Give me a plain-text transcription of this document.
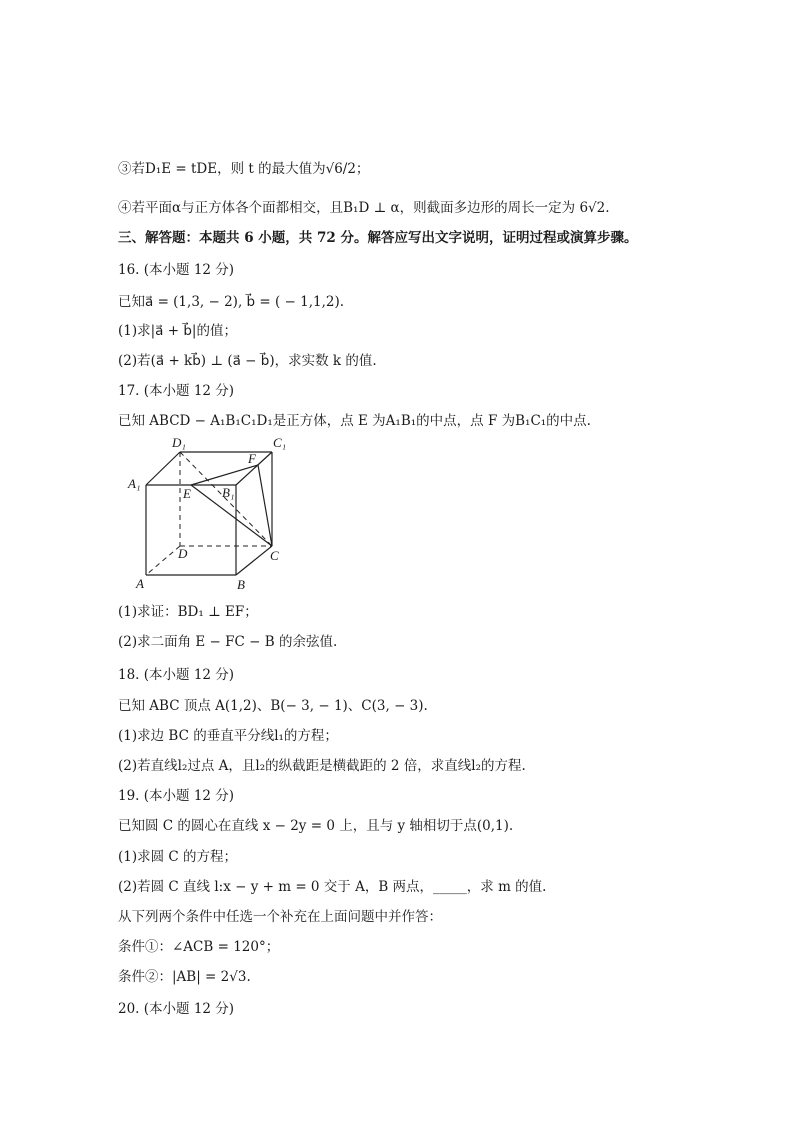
③若D₁E = tDE，则 t 的最大值为√6/2；
④若平面α与正方体各个面都相交，且B₁D ⊥ α，则截面多边形的周长一定为 6√2.
三、解答题：本题共 6 小题，共 72 分。解答应写出文字说明，证明过程或演算步骤。
16. (本小题 12 分)
已知a⃗ = (1,3, − 2), b⃗ = ( − 1,1,2).
(1)求|a⃗ + b⃗|的值；
(2)若(a⃗ + kb⃗) ⊥ (a⃗ − b⃗)，求实数 k 的值.
17. (本小题 12 分)
已知 ABCD − A₁B₁C₁D₁是正方体，点 E 为A₁B₁的中点，点 F 为B₁C₁的中点.
D₁	C₁
A₁
B₁
E
F
D	C
A	B
(1)求证：BD₁ ⊥ EF；
(2)求二面角 E − FC − B 的余弦值.
18. (本小题 12 分)
已知 ABC 顶点 A(1,2)、B(− 3, − 1)、C(3, − 3).
(1)求边 BC 的垂直平分线l₁的方程；
(2)若直线l₂过点 A，且l₂的纵截距是横截距的 2 倍，求直线l₂的方程.
19. (本小题 12 分)
已知圆 C 的圆心在直线 x − 2y = 0 上，且与 y 轴相切于点(0,1).
(1)求圆 C 的方程；
(2)若圆 C 直线 l:x − y + m = 0 交于 A，B 两点，_____，求 m 的值.
从下列两个条件中任选一个补充在上面问题中并作答：
条件①：∠ACB = 120°；
条件②：|AB| = 2√3.
20. (本小题 12 分)
